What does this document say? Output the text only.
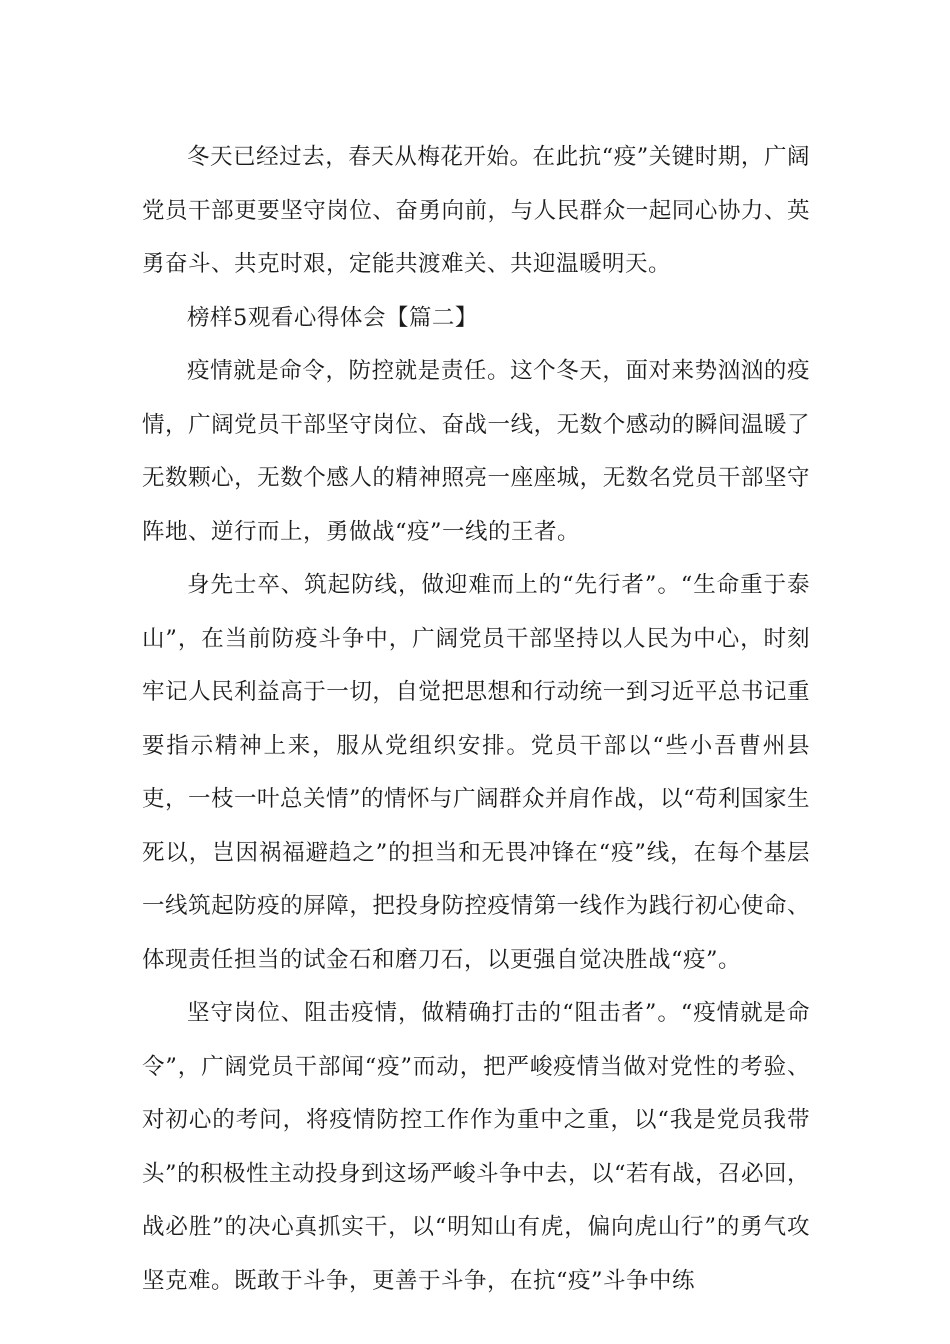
冬天已经过去，春天从梅花开始。在此抗“疫”关键时期，广阔党员干部更要坚守岗位、奋勇向前，与人民群众一起同心协力、英勇奋斗、共克时艰，定能共渡难关、共迎温暖明天。

榜样5观看心得体会【篇二】

疫情就是命令，防控就是责任。这个冬天，面对来势汹汹的疫情，广阔党员干部坚守岗位、奋战一线，无数个感动的瞬间温暖了无数颗心，无数个感人的精神照亮一座座城，无数名党员干部坚守阵地、逆行而上，勇做战“疫”一线的王者。

身先士卒、筑起防线，做迎难而上的“先行者”。“生命重于泰山”，在当前防疫斗争中，广阔党员干部坚持以人民为中心，时刻牢记人民利益高于一切，自觉把思想和行动统一到习近平总书记重要指示精神上来，服从党组织安排。党员干部以“些小吾曹州县吏，一枝一叶总关情”的情怀与广阔群众并肩作战，以“苟利国家生死以，岂因祸福避趋之”的担当和无畏冲锋在“疫”线，在每个基层一线筑起防疫的屏障，把投身防控疫情第一线作为践行初心使命、体现责任担当的试金石和磨刀石，以更强自觉决胜战“疫”。

坚守岗位、阻击疫情，做精确打击的“阻击者”。“疫情就是命令”，广阔党员干部闻“疫”而动，把严峻疫情当做对党性的考验、对初心的考问，将疫情防控工作作为重中之重，以“我是党员我带头”的积极性主动投身到这场严峻斗争中去，以“若有战，召必回，战必胜”的决心真抓实干，以“明知山有虎，偏向虎山行”的勇气攻坚克难。既敢于斗争，更善于斗争，在抗“疫”斗争中练
